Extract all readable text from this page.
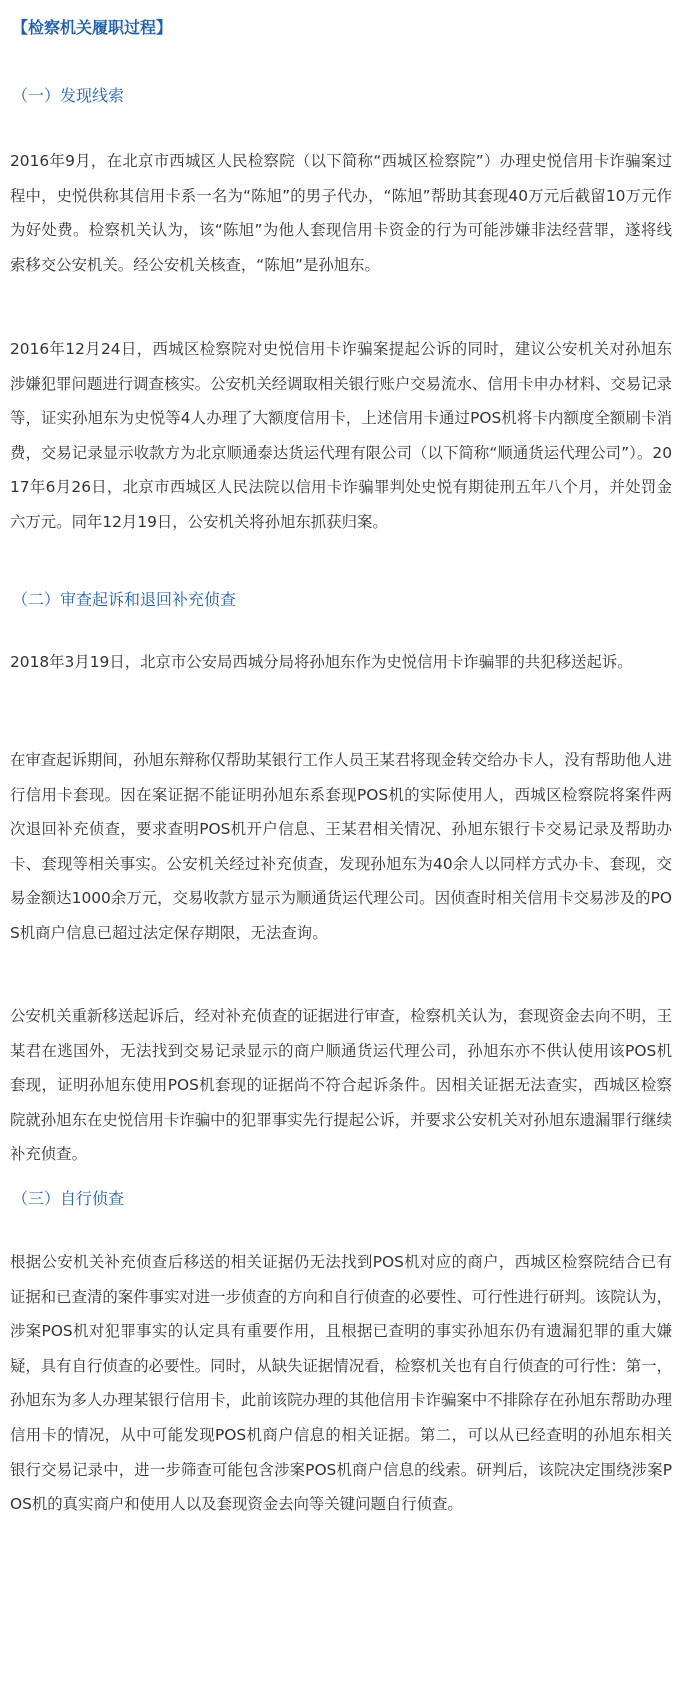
【检察机关履职过程】
（一）发现线索

2016年9月，在北京市西城区人民检察院（以下简称“西城区检察院”）办理史悦信用卡诈骗案过程中，史悦供称其信用卡系一名为“陈旭”的男子代办，“陈旭”帮助其套现40万元后截留10万元作为好处费。检察机关认为，该“陈旭”为他人套现信用卡资金的行为可能涉嫌非法经营罪，遂将线索移交公安机关。经公安机关核查，“陈旭”是孙旭东。

2016年12月24日，西城区检察院对史悦信用卡诈骗案提起公诉的同时，建议公安机关对孙旭东涉嫌犯罪问题进行调查核实。公安机关经调取相关银行账户交易流水、信用卡申办材料、交易记录等，证实孙旭东为史悦等4人办理了大额度信用卡，上述信用卡通过POS机将卡内额度全额刷卡消费，交易记录显示收款方为北京顺通泰达货运代理有限公司（以下简称“顺通货运代理公司”）。2017年6月26日，北京市西城区人民法院以信用卡诈骗罪判处史悦有期徒刑五年八个月，并处罚金六万元。同年12月19日，公安机关将孙旭东抓获归案。

（二）审查起诉和退回补充侦查

2018年3月19日，北京市公安局西城分局将孙旭东作为史悦信用卡诈骗罪的共犯移送起诉。

在审查起诉期间，孙旭东辩称仅帮助某银行工作人员王某君将现金转交给办卡人，没有帮助他人进行信用卡套现。因在案证据不能证明孙旭东系套现POS机的实际使用人，西城区检察院将案件两次退回补充侦查，要求查明POS机开户信息、王某君相关情况、孙旭东银行卡交易记录及帮助办卡、套现等相关事实。公安机关经过补充侦查，发现孙旭东为40余人以同样方式办卡、套现，交易金额达1000余万元，交易收款方显示为顺通货运代理公司。因侦查时相关信用卡交易涉及的POS机商户信息已超过法定保存期限，无法查询。

公安机关重新移送起诉后，经对补充侦查的证据进行审查，检察机关认为，套现资金去向不明，王某君在逃国外，无法找到交易记录显示的商户顺通货运代理公司，孙旭东亦不供认使用该POS机套现，证明孙旭东使用POS机套现的证据尚不符合起诉条件。因相关证据无法查实，西城区检察院就孙旭东在史悦信用卡诈骗中的犯罪事实先行提起公诉，并要求公安机关对孙旭东遗漏罪行继续补充侦查。

（三）自行侦查

根据公安机关补充侦查后移送的相关证据仍无法找到POS机对应的商户，西城区检察院结合已有证据和已查清的案件事实对进一步侦查的方向和自行侦查的必要性、可行性进行研判。该院认为，涉案POS机对犯罪事实的认定具有重要作用，且根据已查明的事实孙旭东仍有遗漏犯罪的重大嫌疑，具有自行侦查的必要性。同时，从缺失证据情况看，检察机关也有自行侦查的可行性：第一，孙旭东为多人办理某银行信用卡，此前该院办理的其他信用卡诈骗案中不排除存在孙旭东帮助办理信用卡的情况，从中可能发现POS机商户信息的相关证据。第二，可以从已经查明的孙旭东相关银行交易记录中，进一步筛查可能包含涉案POS机商户信息的线索。研判后，该院决定围绕涉案POS机的真实商户和使用人以及套现资金去向等关键问题自行侦查。
